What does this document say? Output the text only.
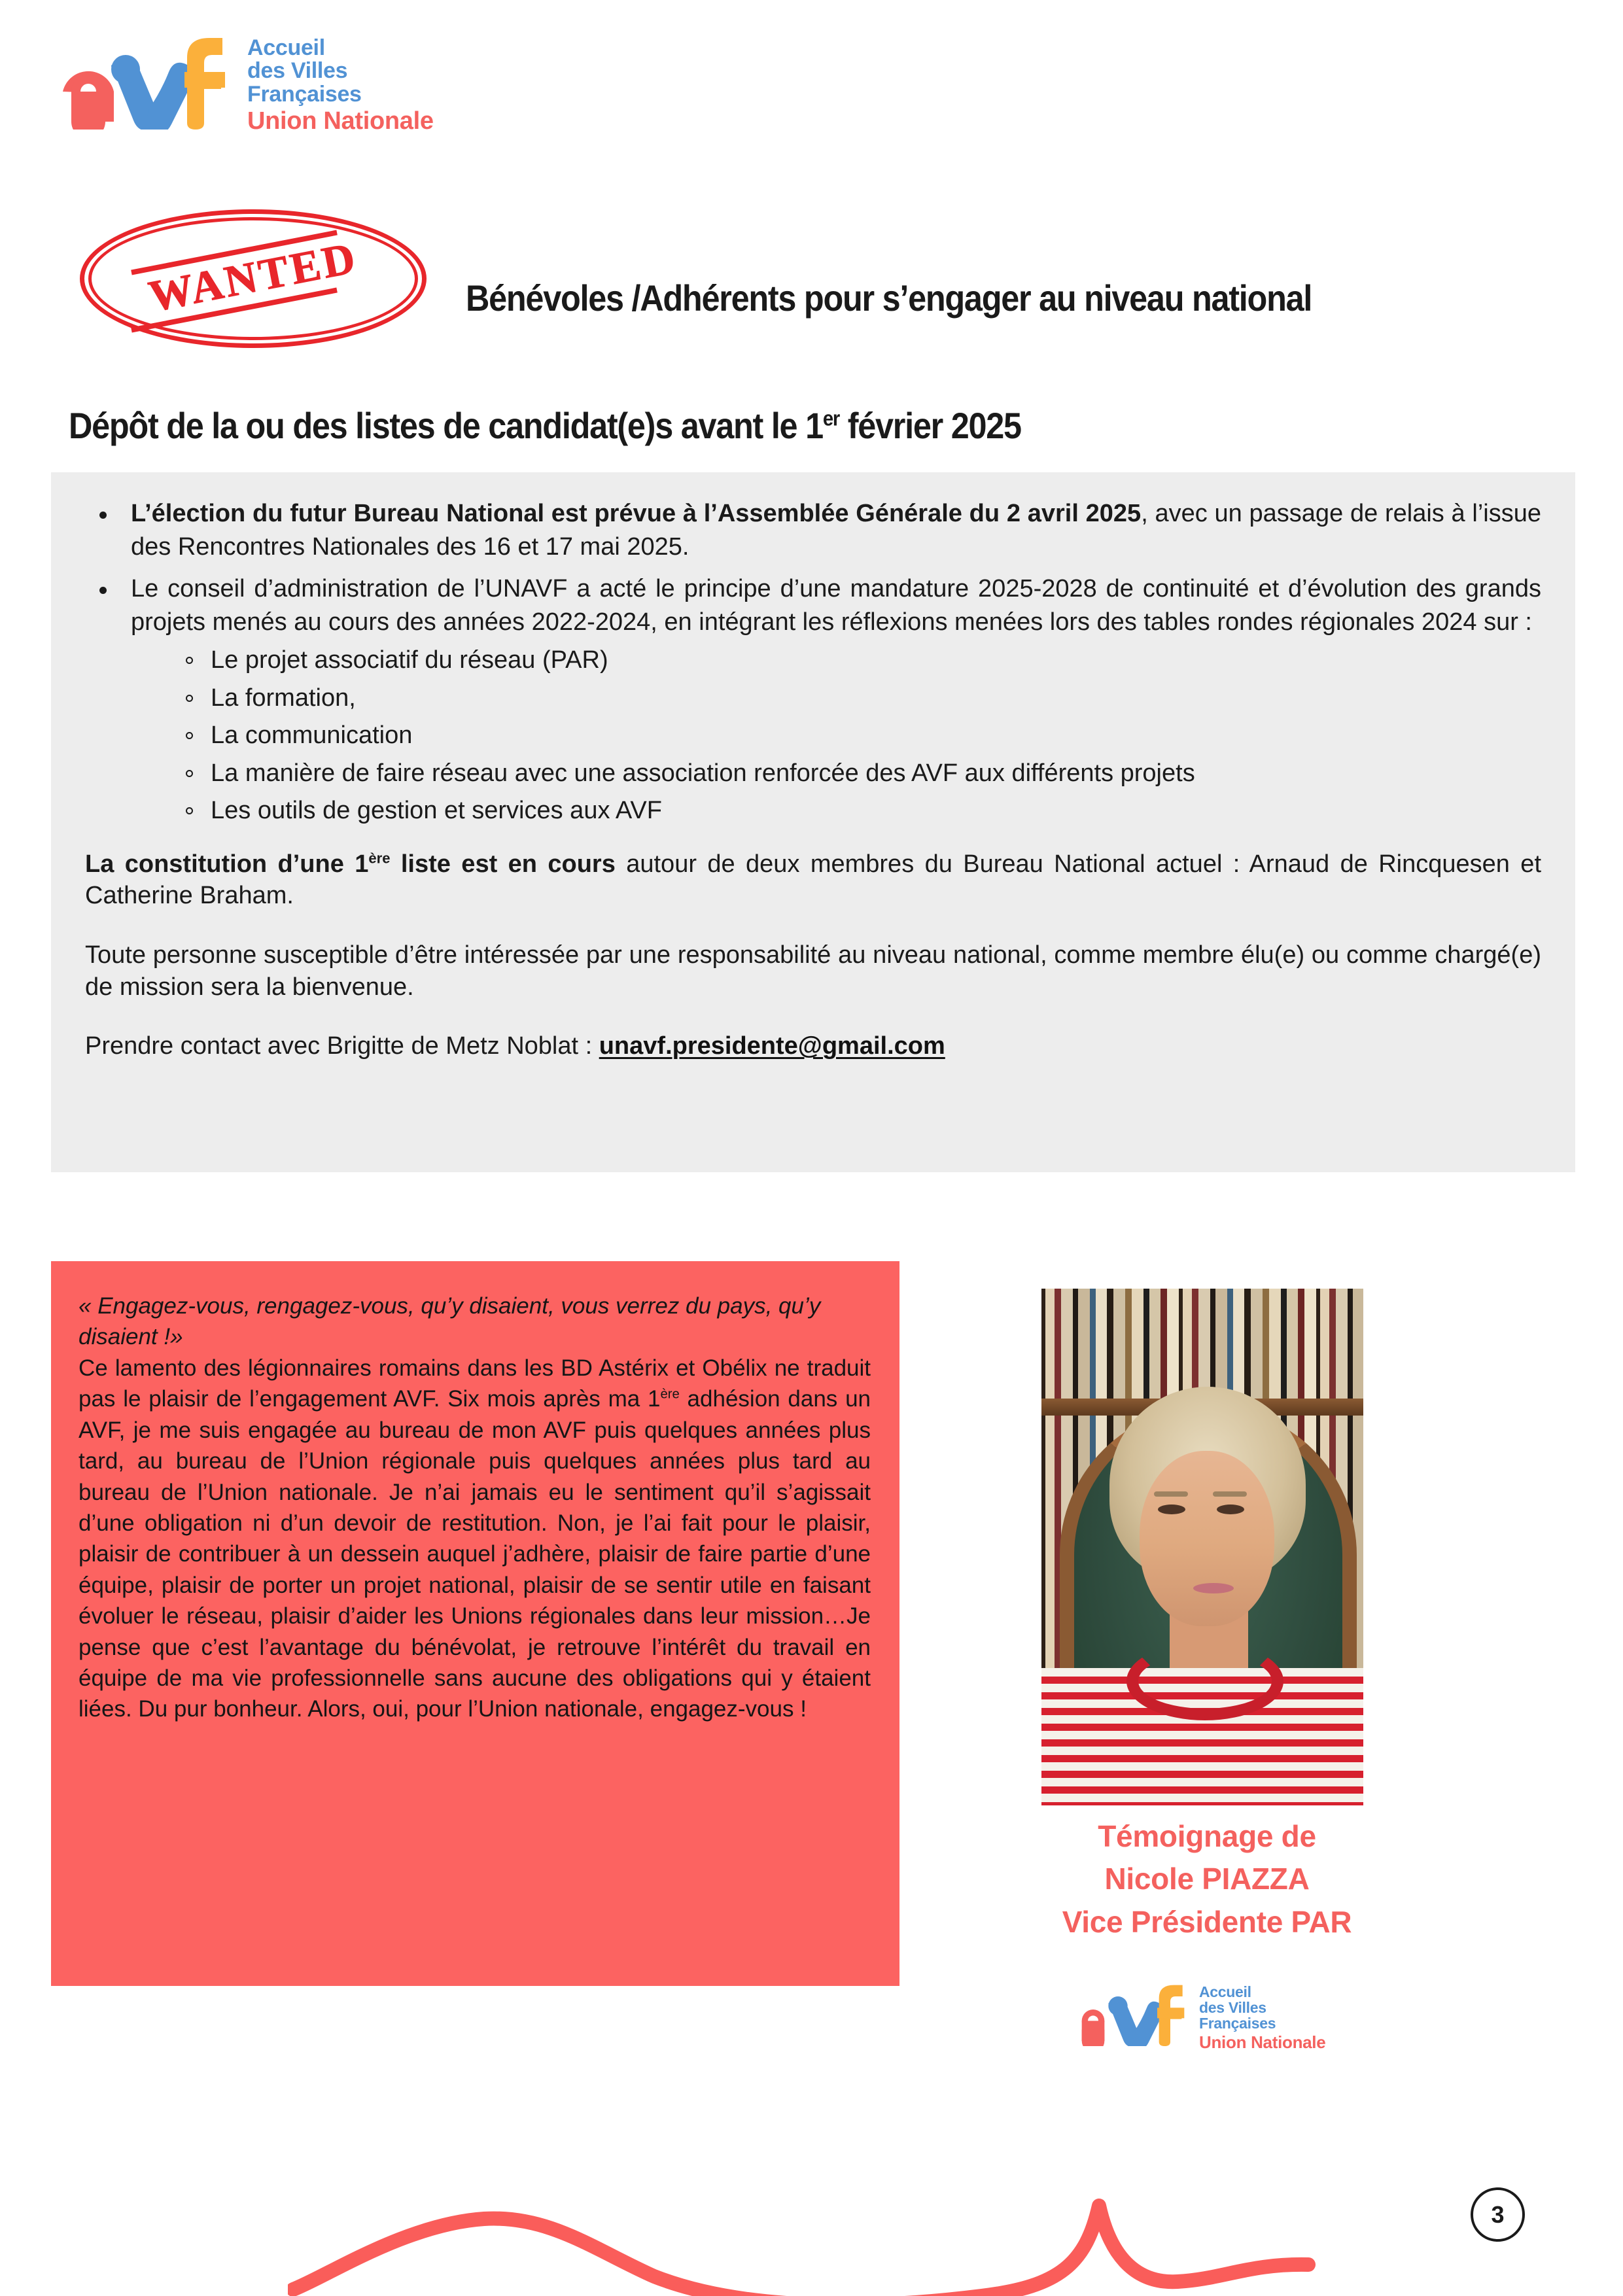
Accueil
des Villes
Françaises
Union Nationale
WANTED	Bénévoles /Adhérents pour s’engager au niveau national
Dépôt de la ou des listes de candidat(e)s avant le 1er février 2025
L’élection du futur Bureau National est prévue à l’Assemblée Générale du 2 avril 2025, avec un passage de relais à l’issue des Rencontres Nationales des 16 et 17 mai 2025.
Le conseil d’administration de l’UNAVF a acté le principe d’une mandature 2025-2028 de continuité et d’évolution des grands projets menés au cours des années 2022-2024, en intégrant les réflexions menées lors des tables rondes régionales 2024 sur :
Le projet associatif du réseau (PAR)
La formation,
La communication
La manière de faire réseau avec une association renforcée des AVF aux différents projets
Les outils de gestion et services aux AVF

La constitution d’une 1ère liste est en cours autour de deux membres du Bureau National actuel : Arnaud de Rincquesen et Catherine Braham.

Toute personne susceptible d’être intéressée par une responsabilité au niveau national, comme membre élu(e) ou comme chargé(e) de mission sera la bienvenue.

Prendre contact avec Brigitte de Metz Noblat : unavf.presidente@gmail.com

« Engagez-vous, rengagez-vous, qu’y disaient, vous verrez du pays, qu’y disaient !»

Ce lamento des légionnaires romains dans les BD Astérix et Obélix ne traduit pas le plaisir de l’engagement AVF. Six mois après ma 1ère adhésion dans un AVF, je me suis engagée au bureau de mon AVF puis quelques années plus tard, au bureau de l’Union régionale puis quelques années plus tard au bureau de l’Union nationale. Je n’ai jamais eu le sentiment qu’il s’agissait d’une obligation ni d’un devoir de restitution. Non, je l’ai fait pour le plaisir, plaisir de contribuer à un dessein auquel j’adhère, plaisir de faire partie d’une équipe, plaisir de porter un projet national, plaisir de se sentir utile en faisant évoluer le réseau, plaisir d’aider les Unions régionales dans leur mission…Je pense que c’est l’avantage du bénévolat, je retrouve l’intérêt du travail en équipe de ma vie professionnelle sans aucune des obligations qui y étaient liées. Du pur bonheur. Alors, oui, pour l’Union nationale, engagez-vous !

Témoignage de
Nicole PIAZZA
Vice Présidente PAR
Accueil
des Villes
Françaises
Union Nationale
3
